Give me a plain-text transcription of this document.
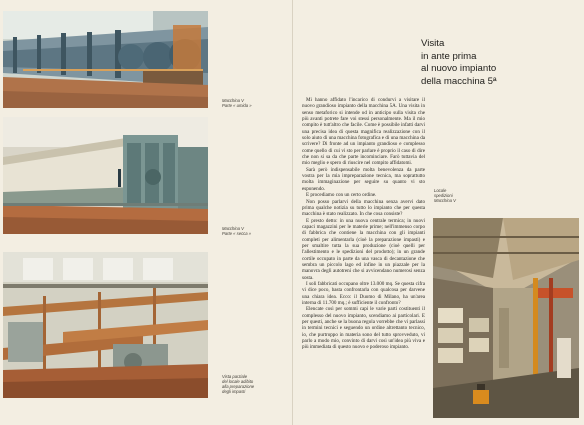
Macchina V
Parte « umida »
Macchina V
Parte « secca »
Vista parziale
del locale adibito
alla preparazione
degli impasti
Visita
in ante prima
al nuovo impianto
della macchina 5ª

Mi hanno affidato l'incarico di condurvi a visitare il nuovo grandioso impianto della macchina 5A. Una visita in senso metaforico si intende od in anticipo sulla visita che più avanti potrete fare voi stessi personalmente. Ma il mio compito è tutt'altro che facile. Come è possibile infatti darvi una precisa idea di questa magnifica realizzazione con il solo aiuto di una macchina fotografica e di una macchina da scrivere? Di fronte ad un impianto grandioso e complesso come quello di cui vi sto per parlare è proprio il caso di dire che non si sa da che parte incominciare. Farò tuttavia del mio meglio e spero di riuscire nel compito affidatomi.

Sarà però indispensabile molta benevolenza da parte vostra per la mia impreparazione tecnica, ma soprattutto molta immaginazione per seguire su quanto vi sto esponendo.

E procediamo con un certo ordine.

Non posso parlarvi della macchina senza avervi dato prima qualche notizia su tutto lo impianto che per questa macchina è stato realizzato. In che cosa consiste?

E presto detto: in una nuova centrale termica; in nuovi capaci magazzini per le materie prime; nell'immenso corpo di fabbrica che contiene la macchina con gli impianti completi per alimentarla (cioè la preparazione impasti) e per smaltire tutta la sua produzione (cioè quelli per l'allestimento e le spedizioni del prodotto); in un grande cortile occupato in parte da una vasca di decantazione che sembra un piccolo lago ed infine in un piazzale per la manovra degli autotreni che si avvicendano numerosi senza sosta.

I soli fabbricati occupano oltre 13.000 mq. Se questa cifra vi dice poco, basta confrontarla con qualcosa per darvene una chiara idea. Ecco: il Duomo di Milano, ha un'area interna di 11.700 mq.; è sufficiente il confronto?

Elencate così per sommi capi le varie parti costituenti il complesso del nuovo impianto, scendiamo ai particolari. E per questi, anche se la buona regola vorrebbe che vi parlassi in termini tecnici e seguendo un ordine altrettanto tecnico, io, che purtroppo in materia sono del tutto sprovveduto, vi parlo a modo mio, convinto di darvi così un'idea più viva e più immediata di questo nuovo e poderoso impianto.

Locale
spedizioni
Macchina V
